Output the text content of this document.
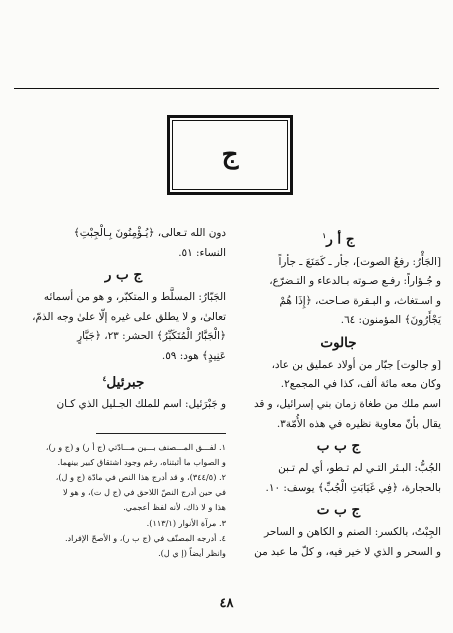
ج
ج أ ر$^١$

[الجَأْرُ: رفعُ الصوت]، جأر ـ كَمَنَعَ ـ جأراً

و جُـؤاراً: رفـع صـوته بـالدعاء و التـضرّع،

و اسـتغاث، و البـقرة صـاحت، ﴿إِذَا هُمْ

يَجْأَرُونَ﴾ المؤمنون: ٦٤.

جالوت

[و جالوت] جبّار من أولاد عمليق بن عاد،

وكان معه مائة ألف، كذا في المجمع٢.

اسم ملك من طغاة زمان بني إسرائيل، و قد

يقال بأنّ معاوية نظيره في هذه الأُمّة٣.

ج ب ب

الجُبُّ: البـئر التـي لم تـطو، أي لم تـبن

بالحجارة، ﴿فِي غَيَابَتِ الْجُبِّ﴾ يوسف: ١٠.

ج ب ت

الجِبْتُ، بالكسر: الصنم و الكاهن و الساحر

و السحر و الذي لا خير فيه، و كلّ ما عبد من

دون الله تـعالى، ﴿يُـؤْمِنُونَ بِـالْجِبْتِ﴾

النساء: ٥١.

ج ب ر

الجَبّارُ: المسلَّط و المتكبّر، و هو من أسمائه

تعالىٰ، و لا يطلق على غيره إلّا علىٰ وجه الذمّ،

﴿الْجَبَّارُ الْمُتَكَبِّرُ﴾ الحشر: ٢٣، ﴿جَبَّارٍ

عَنِيدٍ﴾ هود: ٥٩.

جبرئيل$^٤$

و جَبْرَئيل: اسم للملك الجـليل الذي كـان

١. لفـــق المـــصنف بـــين مـــادّتي (ج أ ر) و (ج و ر)،

و الصواب ما أثبتناه، رغم وجود اشتقاق كبير بينهما.

٢. (٣٤٤/٥)، و قد أدرج هذا النص في مادّة (ج و ل)،

في حين أدرج النصّ اللاحق في (ج ل ت)، و هو لا

هذا و لا ذاك، لأنه لفظ أعجمي.

٣. مرآة الأنوار (١١٣/١).

٤. أدرجه المصنّف‌ في (ج ب ر)، و الأصحّ الإفراد.

وانظر أيضاً (إ ي ل).

٤٨
